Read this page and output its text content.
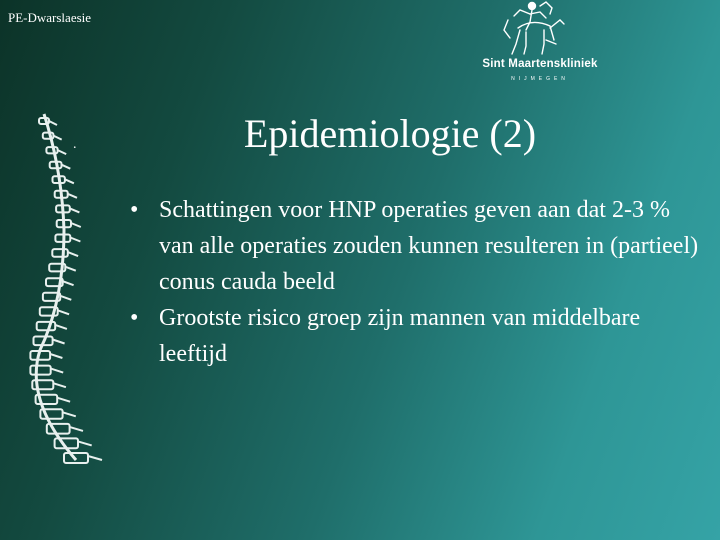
PE-Dwarslaesie
Sint Maartenskliniek
NIJMEGEN
.	Epidemiologie (2)
• Schattingen voor HNP operaties geven aan dat 2-3 % van alle operaties zouden kunnen resulteren in (partieel) conus cauda beeld
• Grootste risico groep zijn mannen van middelbare leeftijd
